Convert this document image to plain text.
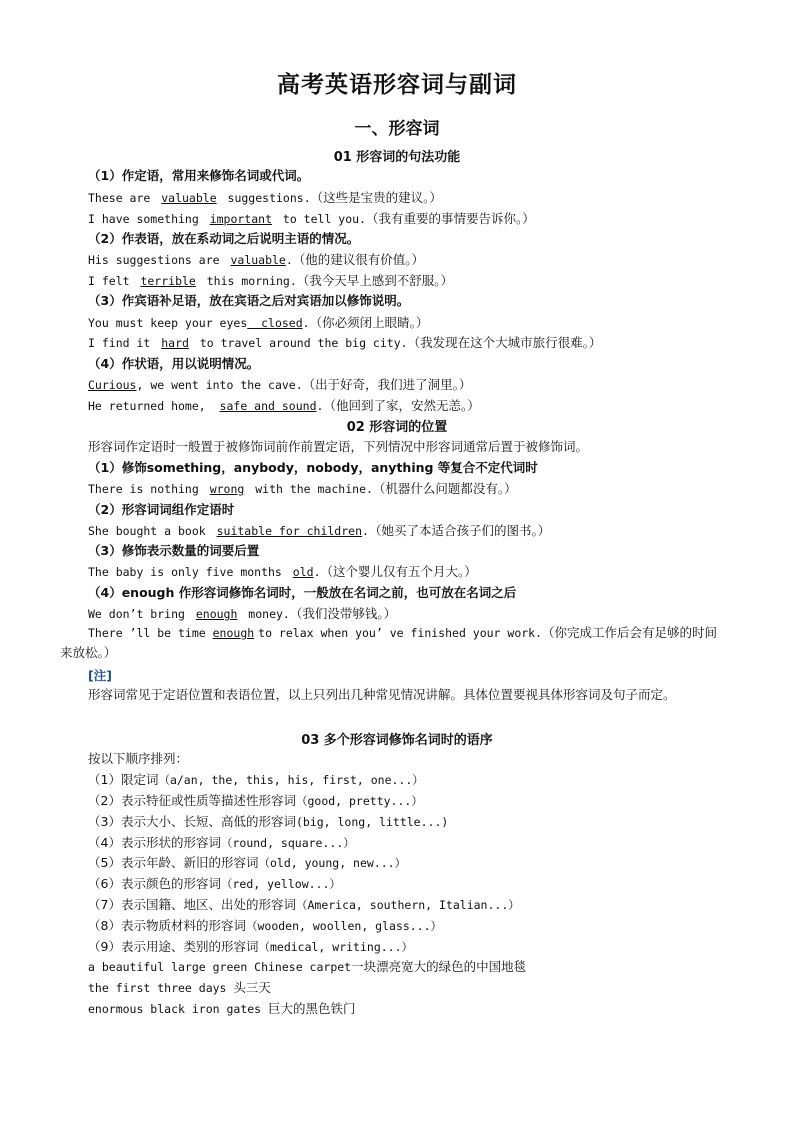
高考英语形容词与副词
一、形容词
01 形容词的句法功能
（1）作定语，常用来修饰名词或代词。
These are  valuable  suggestions.（这些是宝贵的建议。）
I have something  important  to tell you.（我有重要的事情要告诉你。）
（2）作表语，放在系动词之后说明主语的情况。
His suggestions are  valuable.（他的建议很有价值。）
I felt  terrible  this morning.（我今天早上感到不舒服。）
（3）作宾语补足语，放在宾语之后对宾语加以修饰说明。
You must keep your eyes  closed.（你必须闭上眼睛。）
I find it  hard  to travel around the big city.（我发现在这个大城市旅行很难。）
（4）作状语，用以说明情况。
Curious, we went into the cave.（出于好奇，我们进了洞里。）
He returned home,  safe and sound.（他回到了家，安然无恙。）
02 形容词的位置
形容词作定语时一般置于被修饰词前作前置定语，下列情况中形容词通常后置于被修饰词。
（1）修饰something，anybody，nobody，anything 等复合不定代词时
There is nothing  wrong  with the machine.（机器什么问题都没有。）
（2）形容词词组作定语时
She bought a book  suitable for children.（她买了本适合孩子们的图书。）
（3）修饰表示数量的词要后置
The baby is only five months  old.（这个婴儿仅有五个月大。）
（4）enough 作形容词修饰名词时，一般放在名词之前，也可放在名词之后
We don’t bring  enough  money.（我们没带够钱。）
There ’ll be time enough to relax when you’ ve finished your work.（你完成工作后会有足够的时间来放松。）
[注]
形容词常见于定语位置和表语位置，以上只列出几种常见情况讲解。具体位置要视具体形容词及句子而定。
03 多个形容词修饰名词时的语序
按以下顺序排列：
（1）限定词（a/an, the, this, his, first, one...）
（2）表示特征或性质等描述性形容词（good, pretty...）
（3）表示大小、长短、高低的形容词(big, long, little...)
（4）表示形状的形容词（round, square...）
（5）表示年龄、新旧的形容词（old, young, new...）
（6）表示颜色的形容词（red, yellow...）
（7）表示国籍、地区、出处的形容词（America, southern, Italian...）
（8）表示物质材料的形容词（wooden, woollen, glass...）
（9）表示用途、类别的形容词（medical, writing...）
a beautiful large green Chinese carpet一块漂亮宽大的绿色的中国地毯
the first three days 头三天
enormous black iron gates 巨大的黑色铁门
